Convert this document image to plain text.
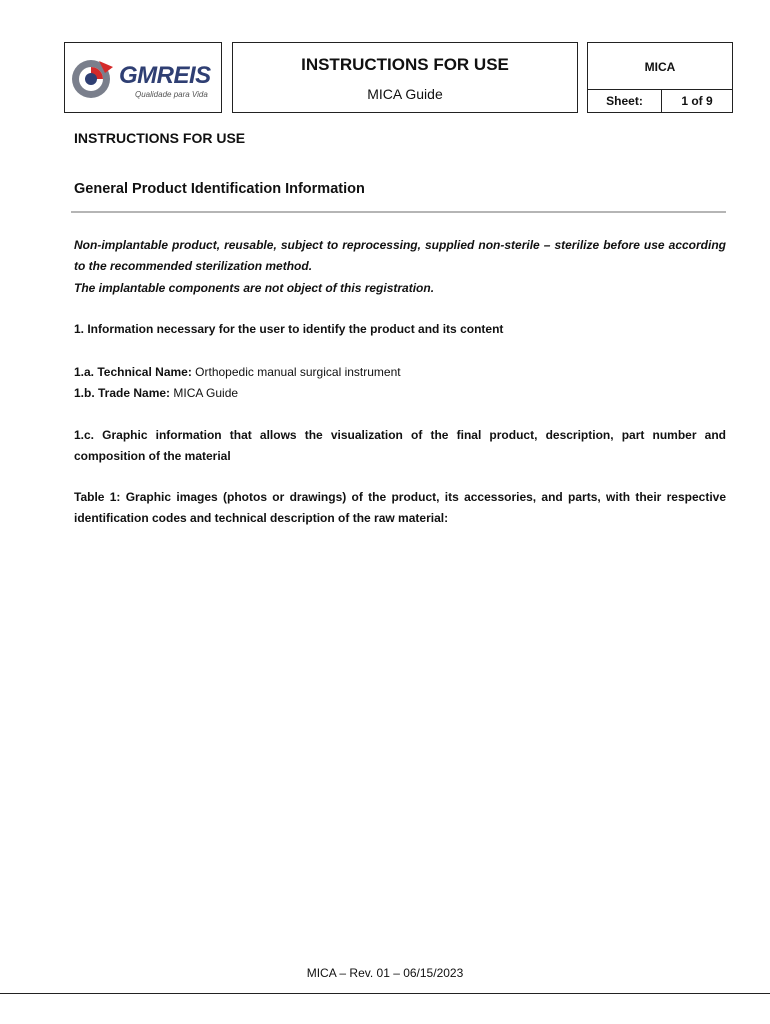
GMREIS
Qualidade para Vida
INSTRUCTIONS FOR USE
MICA Guide
MICA
Sheet:	1 of 9
INSTRUCTIONS FOR USE
General Product Identification Information
Non-implantable product, reusable, subject to reprocessing, supplied non-sterile – sterilize before use according to the recommended sterilization method.
The implantable components are not object of this registration.
1. Information necessary for the user to identify the product and its content
1.a. Technical Name: Orthopedic manual surgical instrument
1.b. Trade Name: MICA Guide
1.c. Graphic information that allows the visualization of the final product, description, part number and composition of the material
Table 1: Graphic images (photos or drawings) of the product, its accessories, and parts, with their respective identification codes and technical description of the raw material:
MICA – Rev. 01 – 06/15/2023
